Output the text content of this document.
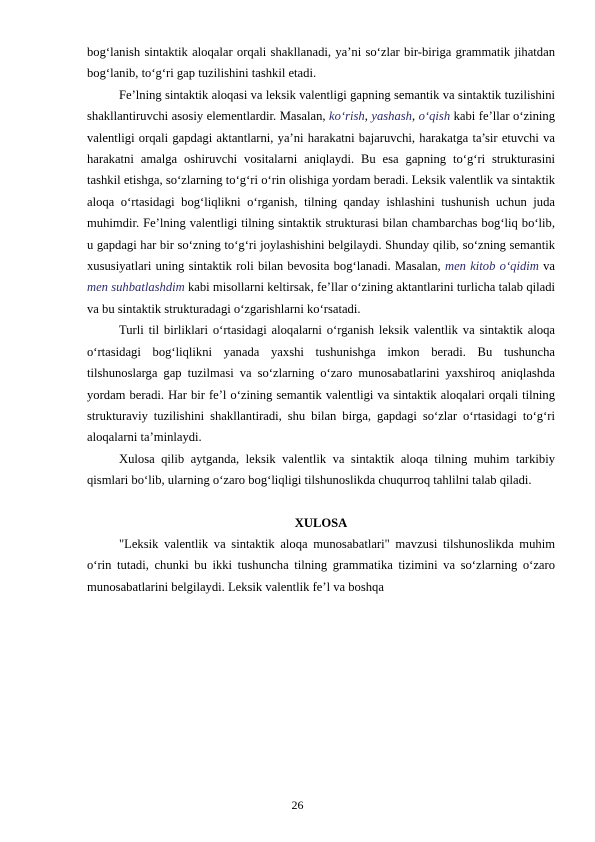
bog‘lanish sintaktik aloqalar orqali shakllanadi, ya’ni so‘zlar bir-biriga grammatik jihatdan bog‘lanib, to‘g‘ri gap tuzilishini tashkil etadi.

Fe’lning sintaktik aloqasi va leksik valentligi gapning semantik va sintaktik tuzilishini shakllantiruvchi asosiy elementlardir. Masalan, ko‘rish, yashash, o‘qish kabi fe’llar o‘zining valentligi orqali gapdagi aktantlarni, ya’ni harakatni bajaruvchi, harakatga ta’sir etuvchi va harakatni amalga oshiruvchi vositalarni aniqlaydi. Bu esa gapning to‘g‘ri strukturasini tashkil etishga, so‘zlarning to‘g‘ri o‘rin olishiga yordam beradi. Leksik valentlik va sintaktik aloqa o‘rtasidagi bog‘liqlikni o‘rganish, tilning qanday ishlashini tushunish uchun juda muhimdir. Fe’lning valentligi tilning sintaktik strukturasi bilan chambarchas bog‘liq bo‘lib, u gapdagi har bir so‘zning to‘g‘ri joylashishini belgilaydi. Shunday qilib, so‘zning semantik xususiyatlari uning sintaktik roli bilan bevosita bog‘lanadi. Masalan, men kitob o‘qidim va men suhbatlashdim kabi misollarni keltirsak, fe’llar o‘zining aktantlarini turlicha talab qiladi va bu sintaktik strukturadagi o‘zgarishlarni ko‘rsatadi.

Turli til birliklari o‘rtasidagi aloqalarni o‘rganish leksik valentlik va sintaktik aloqa o‘rtasidagi bog‘liqlikni yanada yaxshi tushunishga imkon beradi. Bu tushuncha tilshunoslarga gap tuzilmasi va so‘zlarning o‘zaro munosabatlarini yaxshiroq aniqlashda yordam beradi. Har bir fe’l o‘zining semantik valentligi va sintaktik aloqalari orqali tilning strukturaviy tuzilishini shakllantiradi, shu bilan birga, gapdagi so‘zlar o‘rtasidagi to‘g‘ri aloqalarni ta’minlaydi.

Xulosa qilib aytganda, leksik valentlik va sintaktik aloqa tilning muhim tarkibiy qismlari bo‘lib, ularning o‘zaro bog‘liqligi tilshunoslikda chuqurroq tahlilni talab qiladi.

XULOSA

"Leksik valentlik va sintaktik aloqa munosabatlari" mavzusi tilshunoslikda muhim o‘rin tutadi, chunki bu ikki tushuncha tilning grammatika tizimini va so‘zlarning o‘zaro munosabatlarini belgilaydi. Leksik valentlik fe’l va boshqa

26
